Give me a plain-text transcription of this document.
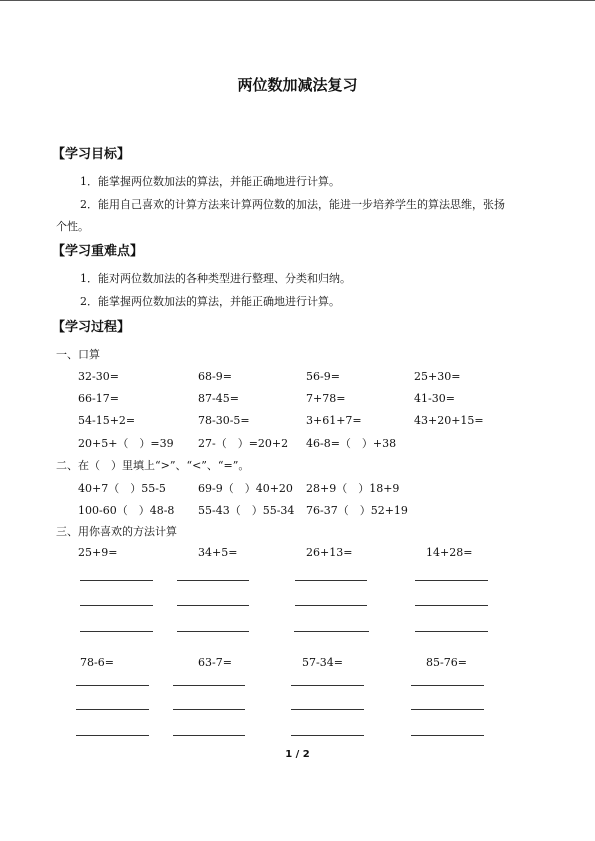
两位数加减法复习
【学习目标】
1．能掌握两位数加法的算法，并能正确地进行计算。
2．能用自己喜欢的计算方法来计算两位数的加法，能进一步培养学生的算法思维，张扬
个性。
【学习重难点】
1．能对两位数加法的各种类型进行整理、分类和归纳。
2．能掌握两位数加法的算法，并能正确地进行计算。
【学习过程】
一、口算
32-30=	68-9=	56-9=	25+30=
66-17=	87-45=	7+78=	41-30=
54-15+2=	78-30-5=	3+61+7=	43+20+15=
20+5+（　）=39 27-（　）=20+2 46-8=（　）+38
二、在（　）里填上“>”、“<”、“=”。
40+7（　）55-5	69-9（　）40+20 28+9（　）18+9
100-60（　）48-8 55-43（　）55-34 76-37（　）52+19
三、用你喜欢的方法计算
25+9=	34+5=	26+13=	14+28=
78-6=	63-7=	57-34=	85-76=
1 / 2
